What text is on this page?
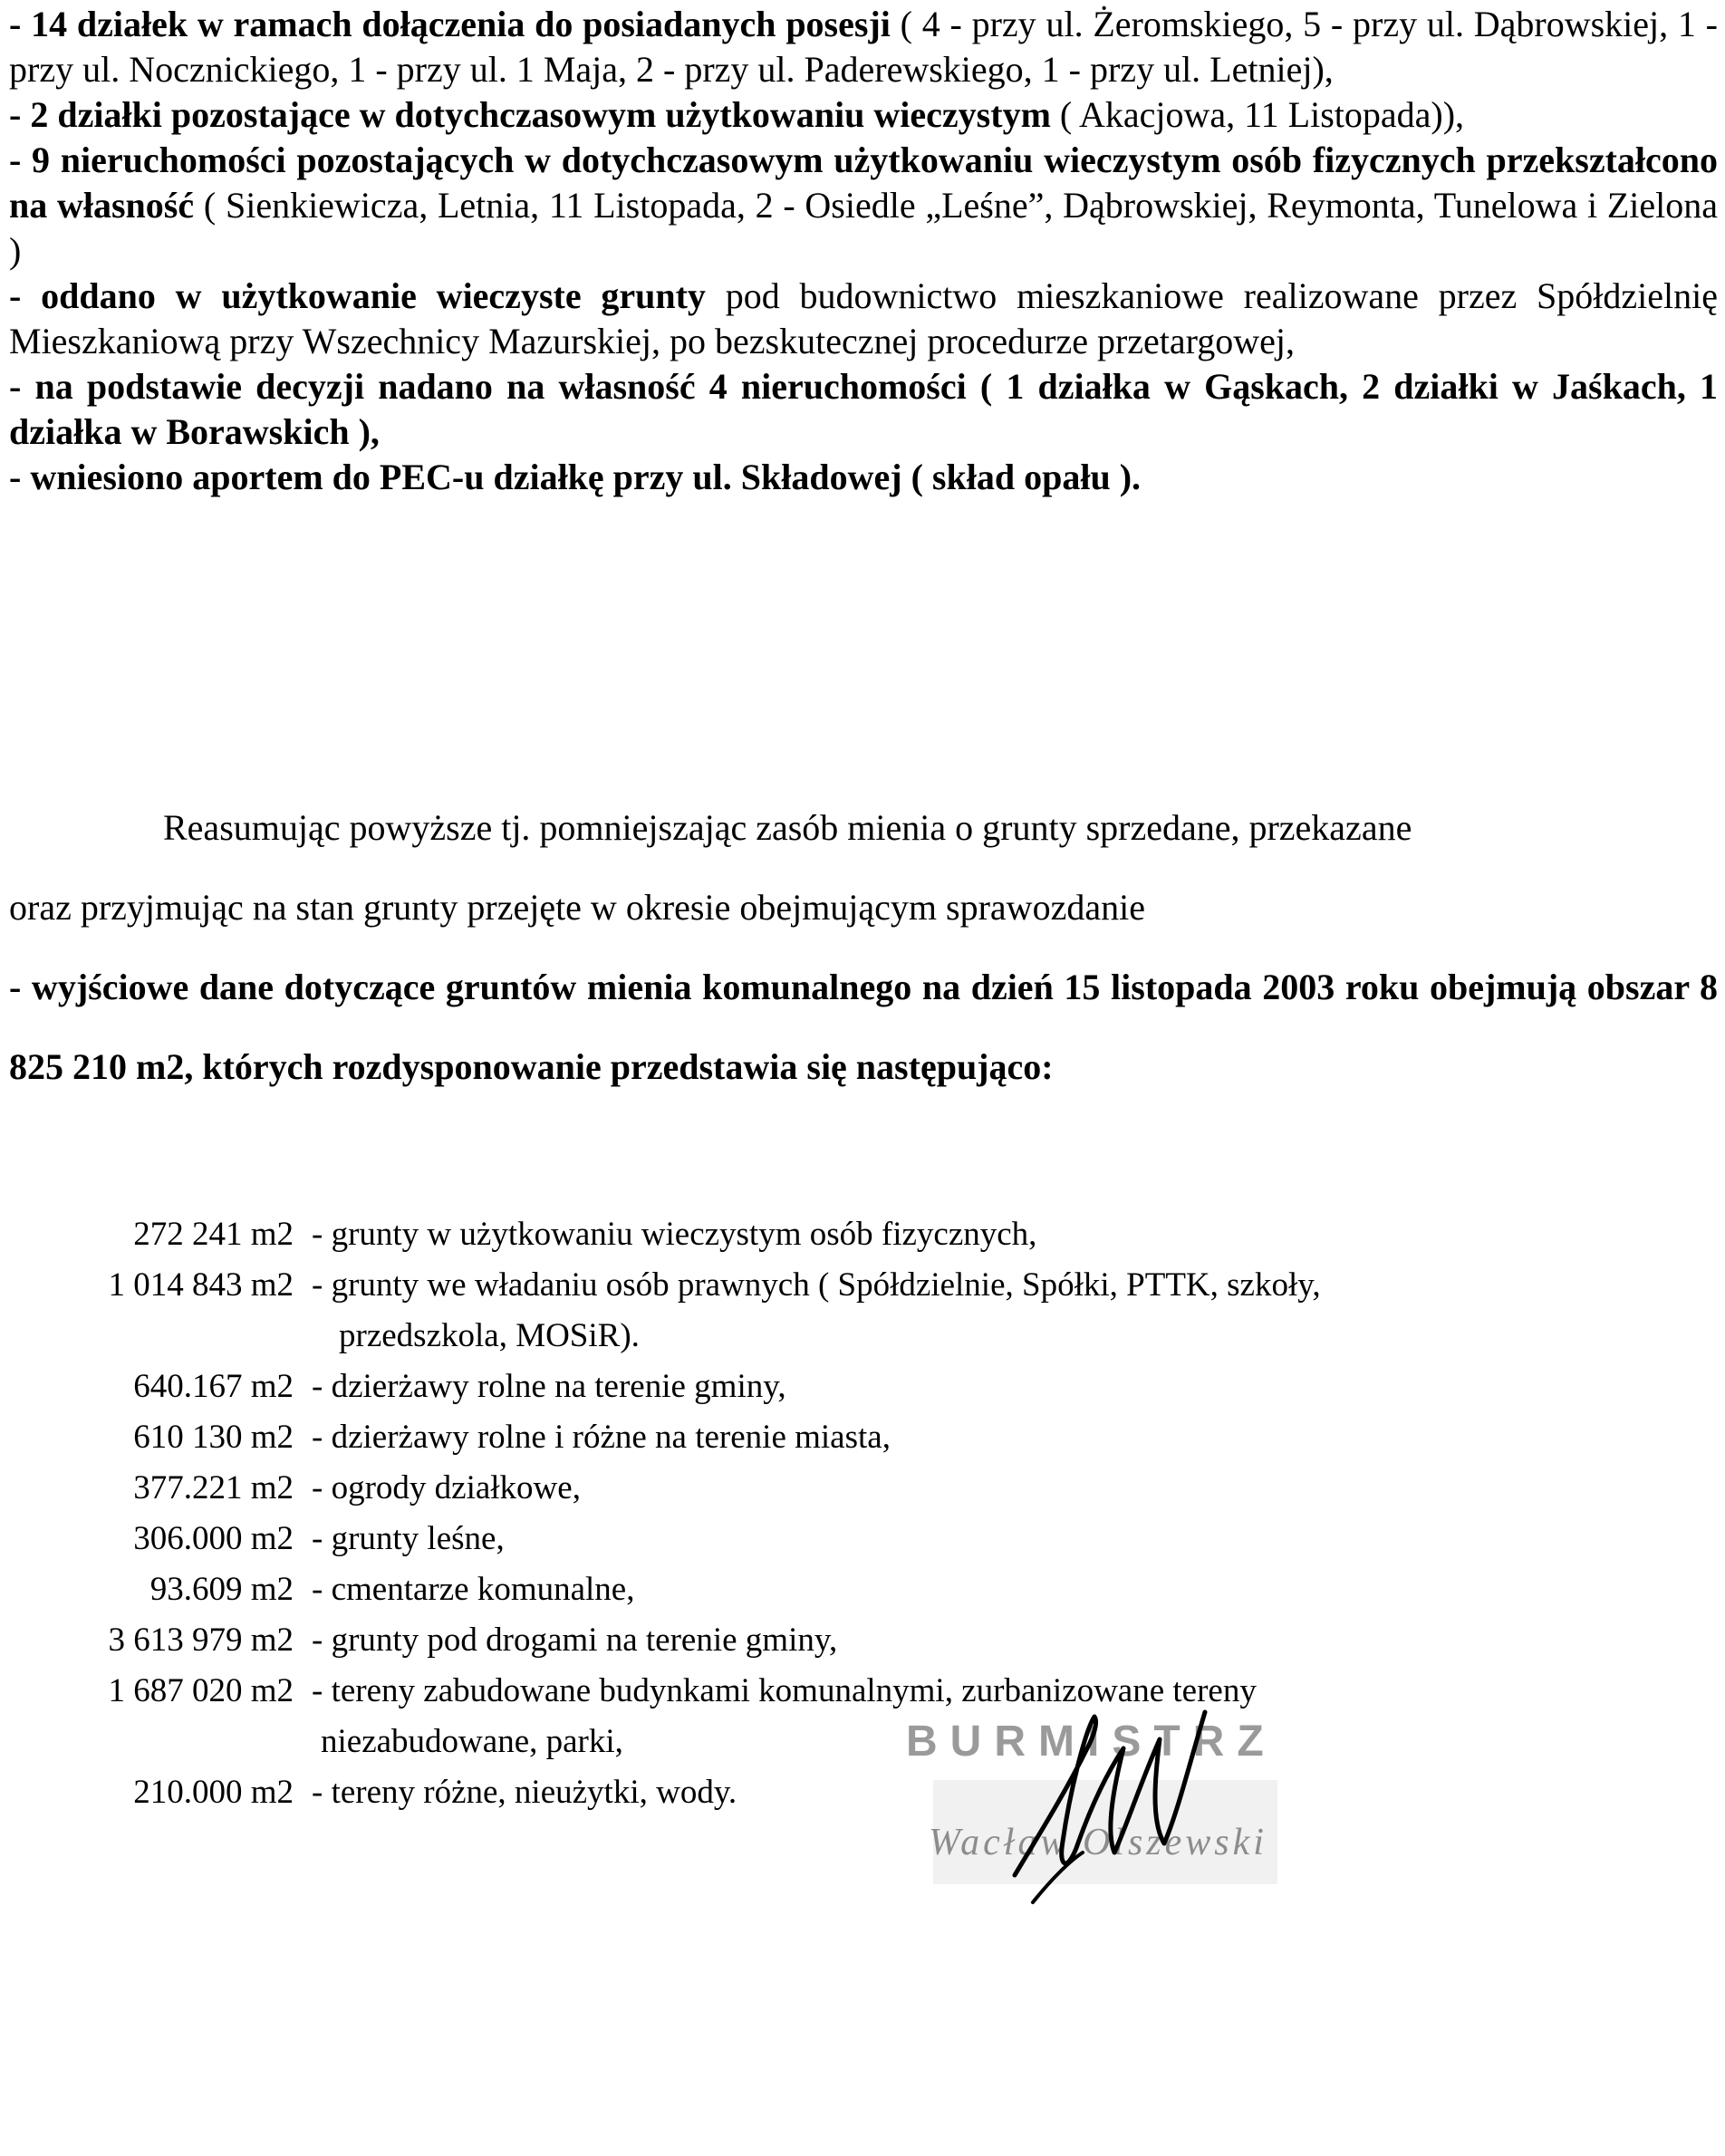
- 14 działek w ramach dołączenia do posiadanych posesji ( 4 - przy ul. Żeromskiego, 5 - przy ul. Dąbrowskiej, 1 - przy ul. Nocznickiego, 1 - przy ul. 1 Maja, 2 - przy ul. Paderewskiego, 1 - przy ul. Letniej),

- 2 działki pozostające w dotychczasowym użytkowaniu wieczystym ( Akacjowa, 11 Listopada)),

- 9 nieruchomości pozostających w dotychczasowym użytkowaniu wieczystym osób fizycznych przekształcono na własność ( Sienkiewicza, Letnia, 11 Listopada, 2 - Osiedle „Leśne”, Dąbrowskiej, Reymonta, Tunelowa i Zielona )

- oddano w użytkowanie wieczyste grunty pod budownictwo mieszkaniowe realizowane przez Spółdzielnię Mieszkaniową przy Wszechnicy Mazurskiej, po bezskutecznej procedurze przetargowej,

- na podstawie decyzji nadano na własność 4 nieruchomości ( 1 działka w Gąskach, 2 działki w Jaśkach, 1 działka w Borawskich ),

- wniesiono aportem do PEC-u działkę przy ul. Składowej ( skład opału ).

Reasumując powyższe tj. pomniejszając zasób mienia o grunty sprzedane, przekazane

oraz przyjmując na stan grunty przejęte w okresie obejmującym sprawozdanie

- wyjściowe dane dotyczące gruntów mienia komunalnego na dzień 15 listopada 2003 roku obejmują obszar 8 825 210 m2, których rozdysponowanie przedstawia się następująco:

272 241 m2 - grunty w użytkowaniu wieczystym osób fizycznych,
1 014 843 m2 - grunty we władaniu osób prawnych ( Spółdzielnie, Spółki, PTTK, szkoły,
przedszkola, MOSiR).
640.167 m2 - dzierżawy rolne na terenie gminy,
610 130 m2 - dzierżawy rolne i różne na terenie miasta,
377.221 m2 - ogrody działkowe,
306.000 m2 - grunty leśne,
93.609 m2 - cmentarze komunalne,
3 613 979 m2 - grunty pod drogami na terenie gminy,
1 687 020 m2 - tereny zabudowane budynkami komunalnymi, zurbanizowane tereny
niezabudowane, parki,
210.000 m2 - tereny różne, nieużytki, wody.
BURMISTRZ
Wacław Olszewski
